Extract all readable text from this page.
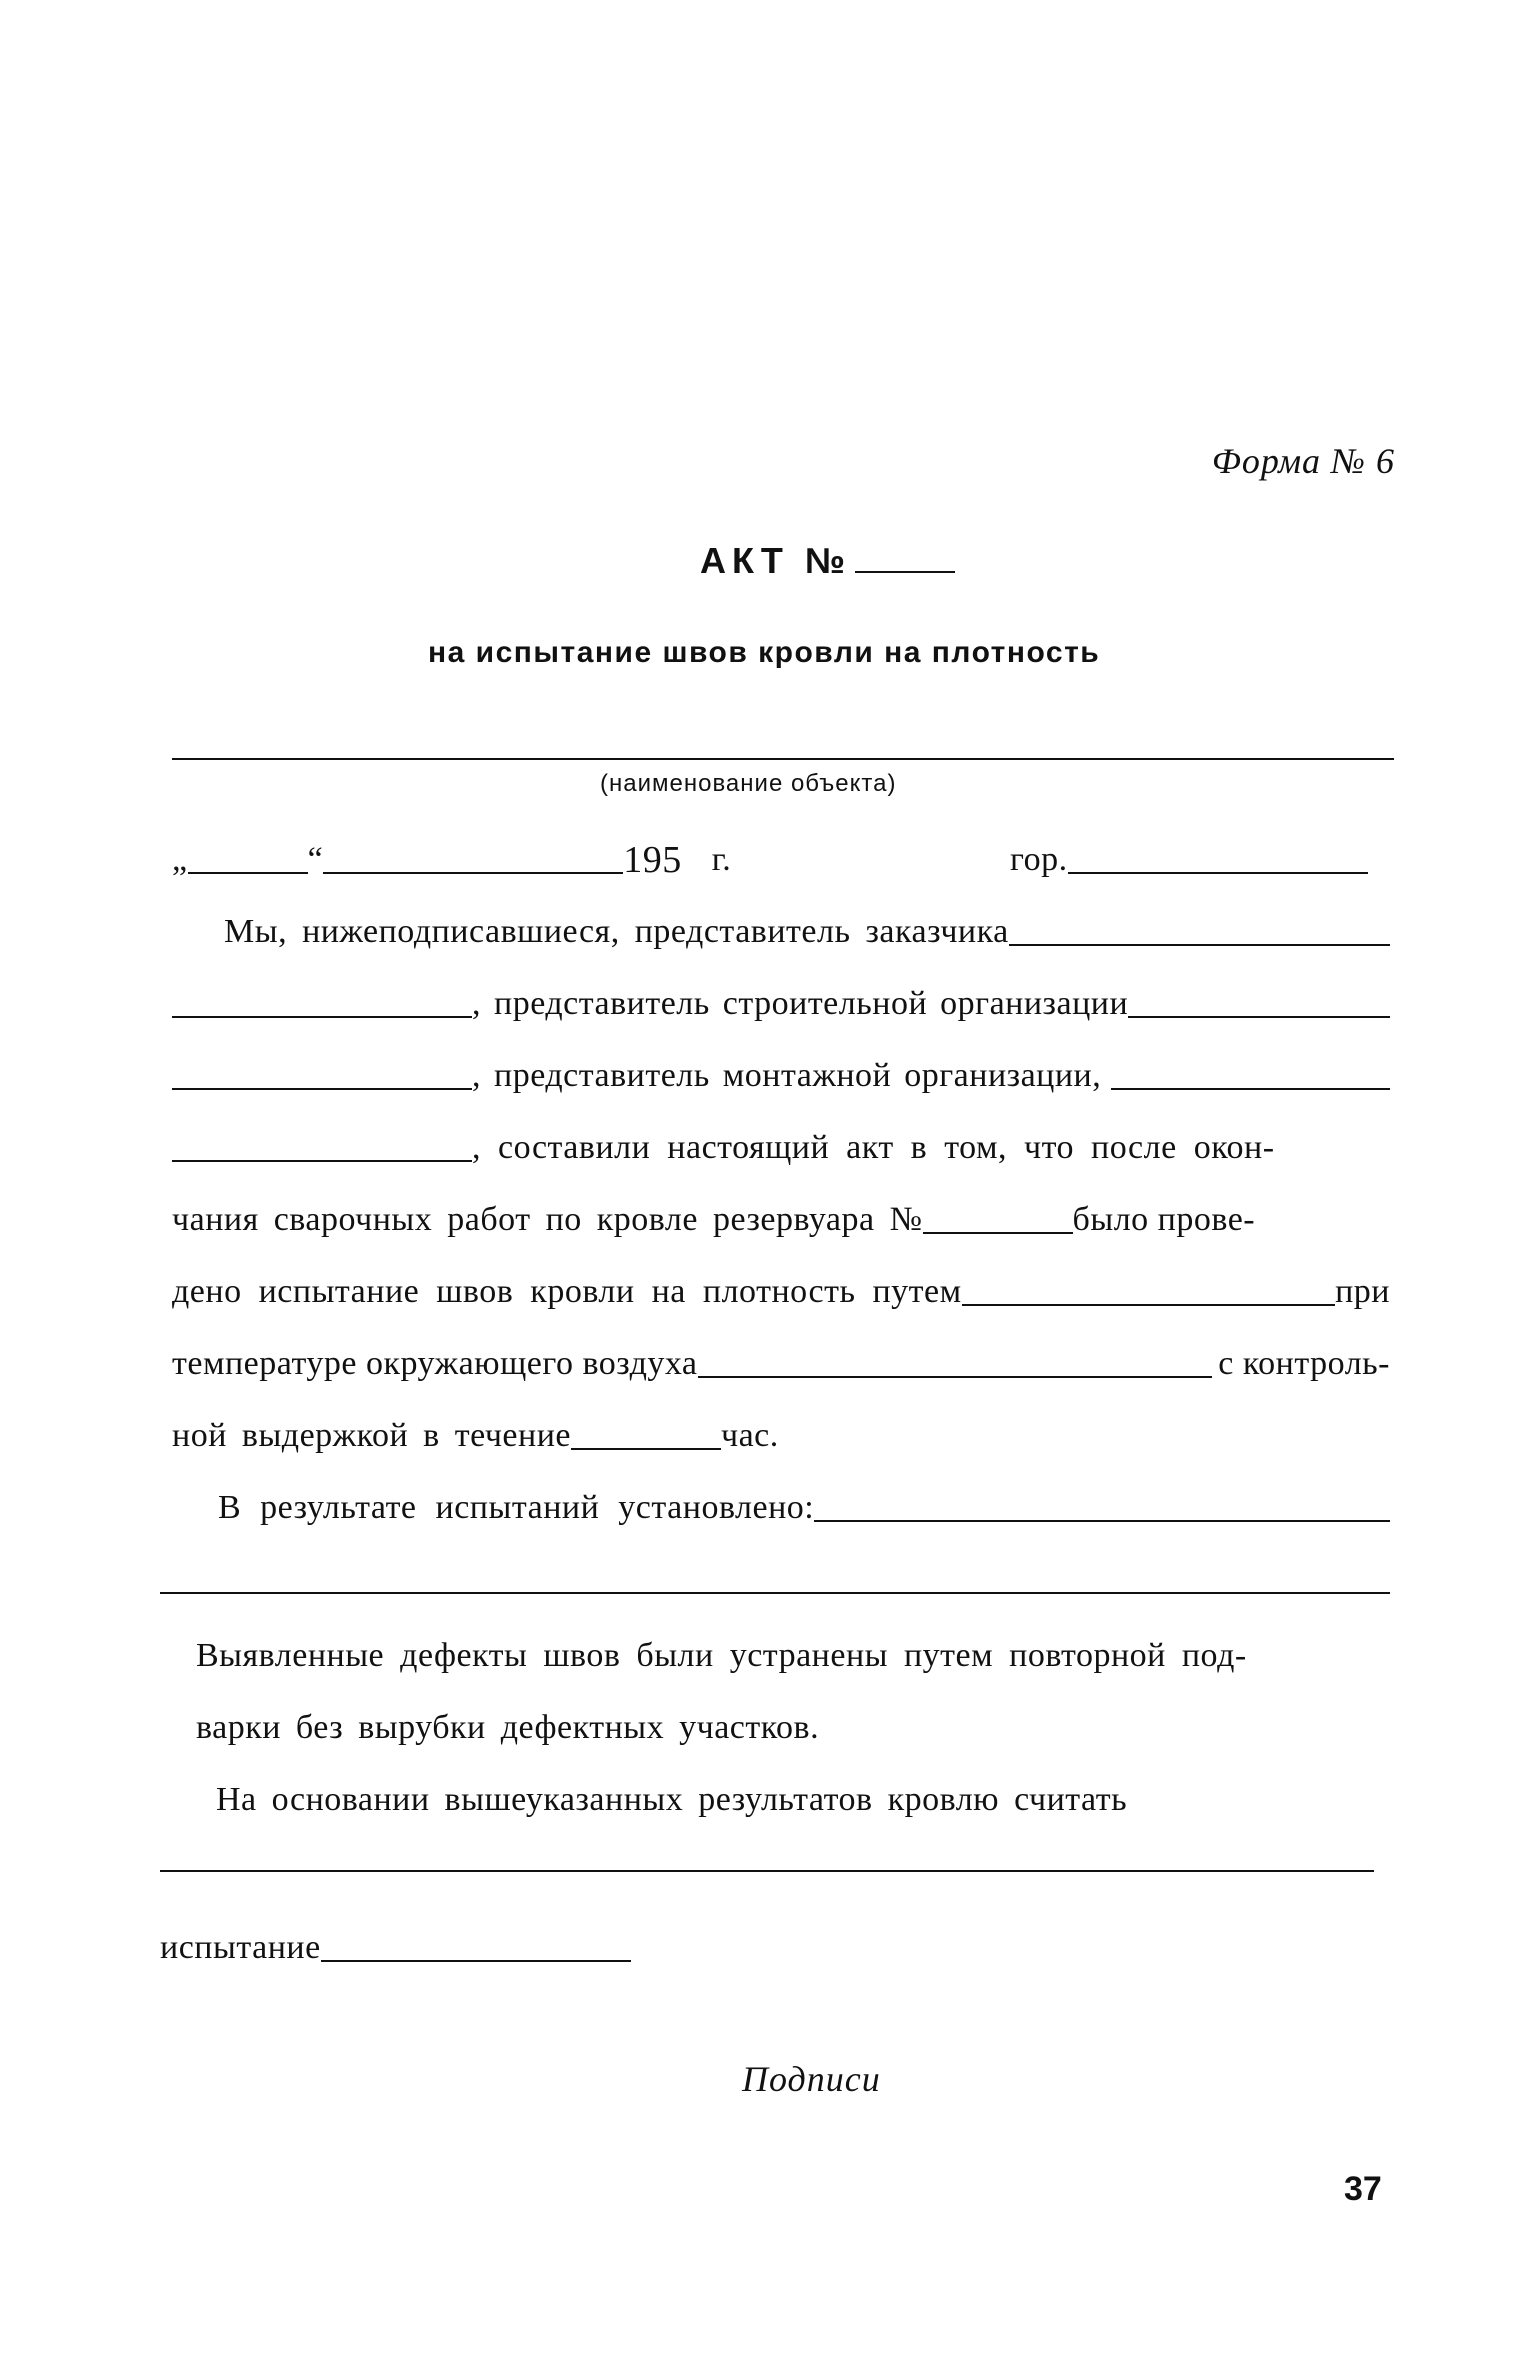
Форма № 6
АКТ №
на испытание швов кровли на плотность
(наименование объекта)
„	“	195 г.	гор.
Мы, нижеподписавшиеся, представитель заказчика
, представитель строительной организации
, представитель монтажной организации,
, составили настоящий акт в том, что после окон-
чания сварочных работ по кровле резервуара №	было прове-
дено испытание швов кровли на плотность путем	при
температуре окружающего воздуха	с контроль-
ной выдержкой в течение	час.
В результате испытаний установлено:
Выявленные дефекты швов были устранены путем повторной под-
варки без вырубки дефектных участков.
На основании вышеуказанных результатов кровлю считать
испытание
Подписи
37
